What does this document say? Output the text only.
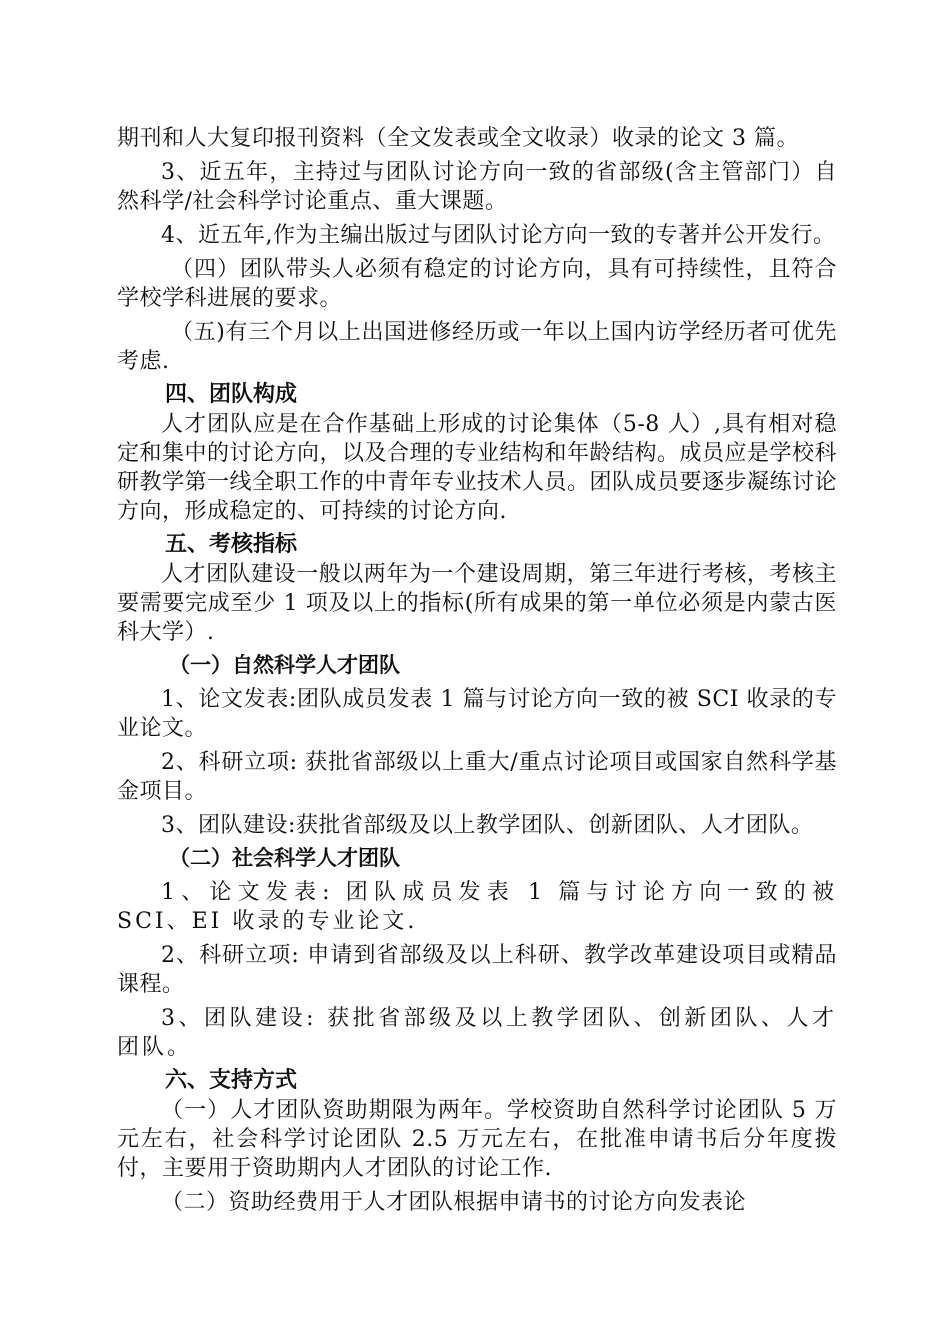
期刊和人大复印报刊资料（全文发表或全文收录）收录的论文 3 篇。

3、近五年，主持过与团队讨论方向一致的省部级(含主管部门）自然科学/社会科学讨论重点、重大课题。

4、近五年,作为主编出版过与团队讨论方向一致的专著并公开发行。

（四）团队带头人必须有稳定的讨论方向，具有可持续性，且符合学校学科进展的要求。

（五)有三个月以上出国进修经历或一年以上国内访学经历者可优先考虑.

四、团队构成

人才团队应是在合作基础上形成的讨论集体（5-8 人）,具有相对稳定和集中的讨论方向，以及合理的专业结构和年龄结构。成员应是学校科研教学第一线全职工作的中青年专业技术人员。团队成员要逐步凝练讨论方向，形成稳定的、可持续的讨论方向.

五、考核指标

人才团队建设一般以两年为一个建设周期，第三年进行考核，考核主要需要完成至少 1 项及以上的指标(所有成果的第一单位必须是内蒙古医科大学）.

（一）自然科学人才团队

1、论文发表:团队成员发表 1 篇与讨论方向一致的被 SCI 收录的专业论文。

2、科研立项: 获批省部级以上重大/重点讨论项目或国家自然科学基金项目。

3、团队建设:获批省部级及以上教学团队、创新团队、人才团队。

（二）社会科学人才团队

1、论文发表: 团队成员发表 1 篇与讨论方向一致的被 SCI、EI 收录的专业论文.

2、科研立项: 申请到省部级及以上科研、教学改革建设项目或精品课程。

3、团队建设: 获批省部级及以上教学团队、创新团队、人才团队。

六、支持方式

（一）人才团队资助期限为两年。学校资助自然科学讨论团队 5 万元左右，社会科学讨论团队 2.5 万元左右，在批准申请书后分年度拨付，主要用于资助期内人才团队的讨论工作.

（二）资助经费用于人才团队根据申请书的讨论方向发表论
